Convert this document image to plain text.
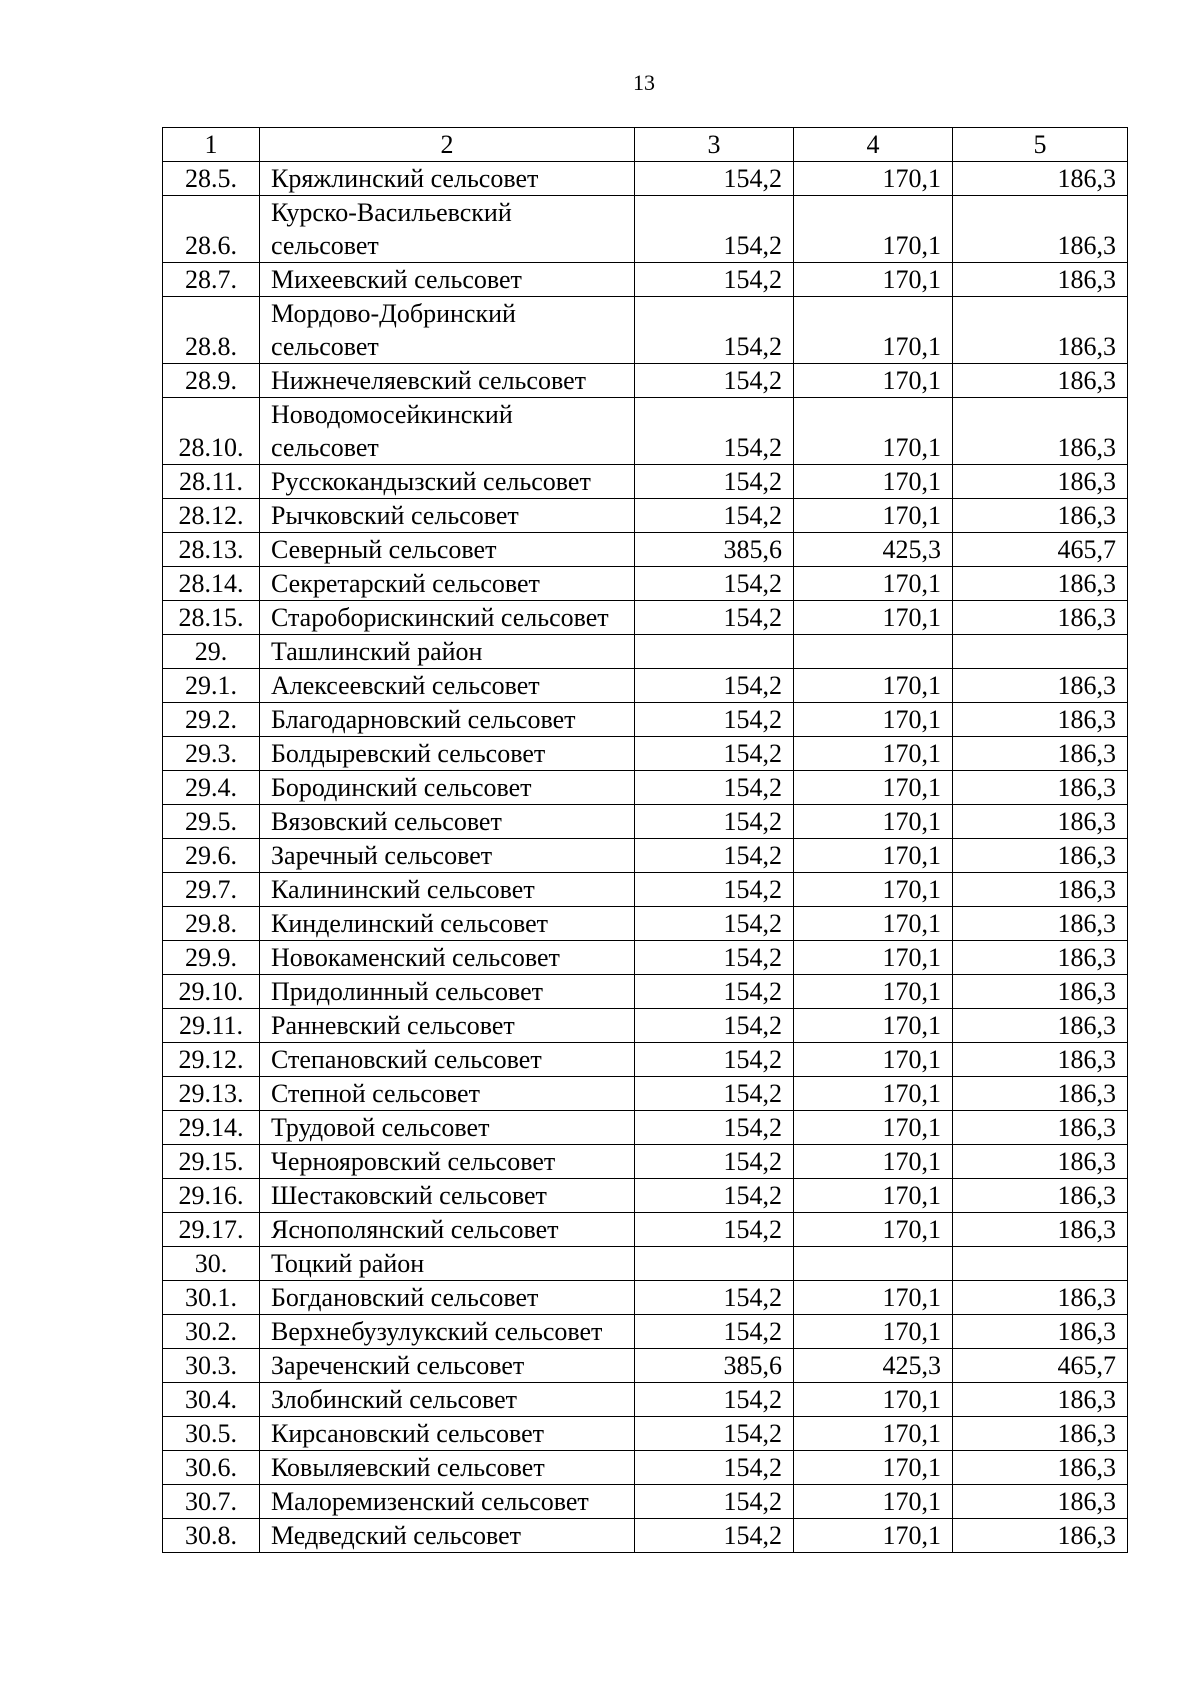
13
1	2	3	4	5
28.5.	Кряжлинский сельсовет	154,2	170,1	186,3
28.6.	Курско-Васильевский сельсовет	154,2	170,1	186,3
28.7.	Михеевский сельсовет	154,2	170,1	186,3
28.8.	Мордово-Добринский сельсовет	154,2	170,1	186,3
28.9.	Нижнечеляевский сельсовет	154,2	170,1	186,3
28.10.	Новодомосейкинский сельсовет	154,2	170,1	186,3
28.11.	Русскокандызский сельсовет	154,2	170,1	186,3
28.12.	Рычковский сельсовет	154,2	170,1	186,3
28.13.	Северный сельсовет	385,6	425,3	465,7
28.14.	Секретарский сельсовет	154,2	170,1	186,3
28.15.	Староборискинский сельсовет	154,2	170,1	186,3
29.	Ташлинский район			
29.1.	Алексеевский сельсовет	154,2	170,1	186,3
29.2.	Благодарновский сельсовет	154,2	170,1	186,3
29.3.	Болдыревский сельсовет	154,2	170,1	186,3
29.4.	Бородинский сельсовет	154,2	170,1	186,3
29.5.	Вязовский сельсовет	154,2	170,1	186,3
29.6.	Заречный сельсовет	154,2	170,1	186,3
29.7.	Калининский сельсовет	154,2	170,1	186,3
29.8.	Кинделинский сельсовет	154,2	170,1	186,3
29.9.	Новокаменский сельсовет	154,2	170,1	186,3
29.10.	Придолинный сельсовет	154,2	170,1	186,3
29.11.	Ранневский сельсовет	154,2	170,1	186,3
29.12.	Степановский сельсовет	154,2	170,1	186,3
29.13.	Степной сельсовет	154,2	170,1	186,3
29.14.	Трудовой сельсовет	154,2	170,1	186,3
29.15.	Чернояровский сельсовет	154,2	170,1	186,3
29.16.	Шестаковский сельсовет	154,2	170,1	186,3
29.17.	Яснополянский сельсовет	154,2	170,1	186,3
30.	Тоцкий район			
30.1.	Богдановский сельсовет	154,2	170,1	186,3
30.2.	Верхнебузулукский сельсовет	154,2	170,1	186,3
30.3.	Зареченский сельсовет	385,6	425,3	465,7
30.4.	Злобинский сельсовет	154,2	170,1	186,3
30.5.	Кирсановский сельсовет	154,2	170,1	186,3
30.6.	Ковыляевский сельсовет	154,2	170,1	186,3
30.7.	Малоремизенский сельсовет	154,2	170,1	186,3
30.8.	Медведский сельсовет	154,2	170,1	186,3
